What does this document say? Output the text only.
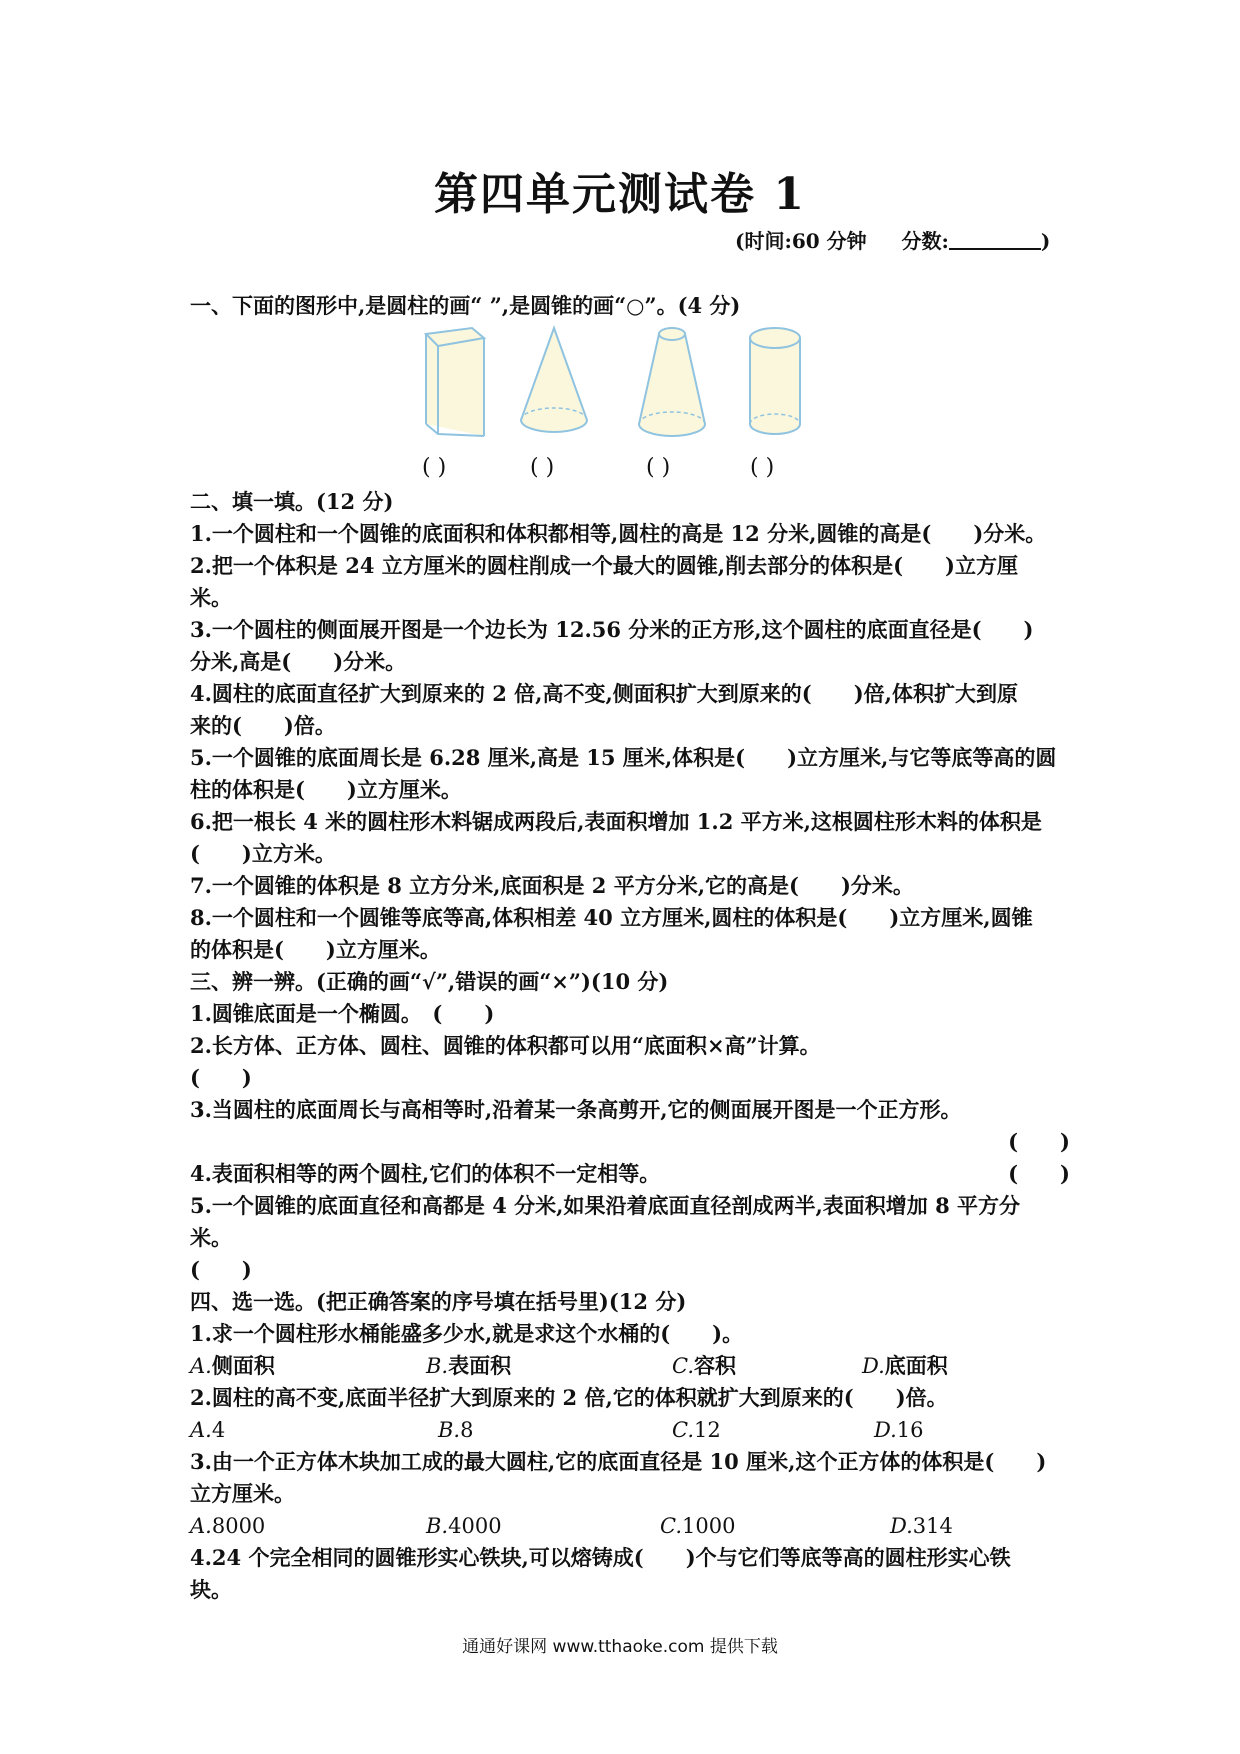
第四单元测试卷 1
(时间:60 分钟 分数:	)
一、下面的图形中,是圆柱的画“ ”,是圆锥的画“○”。(4 分)
( )	( )	( )	( )
二、填一填。(12 分)
1.一个圆柱和一个圆锥的底面积和体积都相等,圆柱的高是 12 分米,圆锥的高是(　　)分米。
2.把一个体积是 24 立方厘米的圆柱削成一个最大的圆锥,削去部分的体积是(　　)立方厘
米。
3.一个圆柱的侧面展开图是一个边长为 12.56 分米的正方形,这个圆柱的底面直径是(　　)
分米,高是(　　)分米。
4.圆柱的底面直径扩大到原来的 2 倍,高不变,侧面积扩大到原来的(　　)倍,体积扩大到原
来的(　　)倍。
5.一个圆锥的底面周长是 6.28 厘米,高是 15 厘米,体积是(　　)立方厘米,与它等底等高的圆
柱的体积是(　　)立方厘米。
6.把一根长 4 米的圆柱形木料锯成两段后,表面积增加 1.2 平方米,这根圆柱形木料的体积是
(　　)立方米。
7.一个圆锥的体积是 8 立方分米,底面积是 2 平方分米,它的高是(　　)分米。
8.一个圆柱和一个圆锥等底等高,体积相差 40 立方厘米,圆柱的体积是(　　)立方厘米,圆锥
的体积是(　　)立方厘米。
三、辨一辨。(正确的画“√”,错误的画“×”)(10 分)
1.圆锥底面是一个椭圆。　(　　)
2.长方体、正方体、圆柱、圆锥的体积都可以用“底面积×高”计算。
(　　)
3.当圆柱的底面周长与高相等时,沿着某一条高剪开,它的侧面展开图是一个正方形。
(　　)
4.表面积相等的两个圆柱,它们的体积不一定相等。	(　　)
5.一个圆锥的底面直径和高都是 4 分米,如果沿着底面直径剖成两半,表面积增加 8 平方分
米。
(　　)
四、选一选。(把正确答案的序号填在括号里)(12 分)
1.求一个圆柱形水桶能盛多少水,就是求这个水桶的(　　)。
A.侧面积	B.表面积	C.容积	D.底面积
2.圆柱的高不变,底面半径扩大到原来的 2 倍,它的体积就扩大到原来的(　　)倍。
A.4	B.8	C.12	D.16
3.由一个正方体木块加工成的最大圆柱,它的底面直径是 10 厘米,这个正方体的体积是(　　)
立方厘米。
A.8000	B.4000	C.1000	D.314
4.24 个完全相同的圆锥形实心铁块,可以熔铸成(　　)个与它们等底等高的圆柱形实心铁
块。
通通好课网 www.tthaoke.com 提供下载
